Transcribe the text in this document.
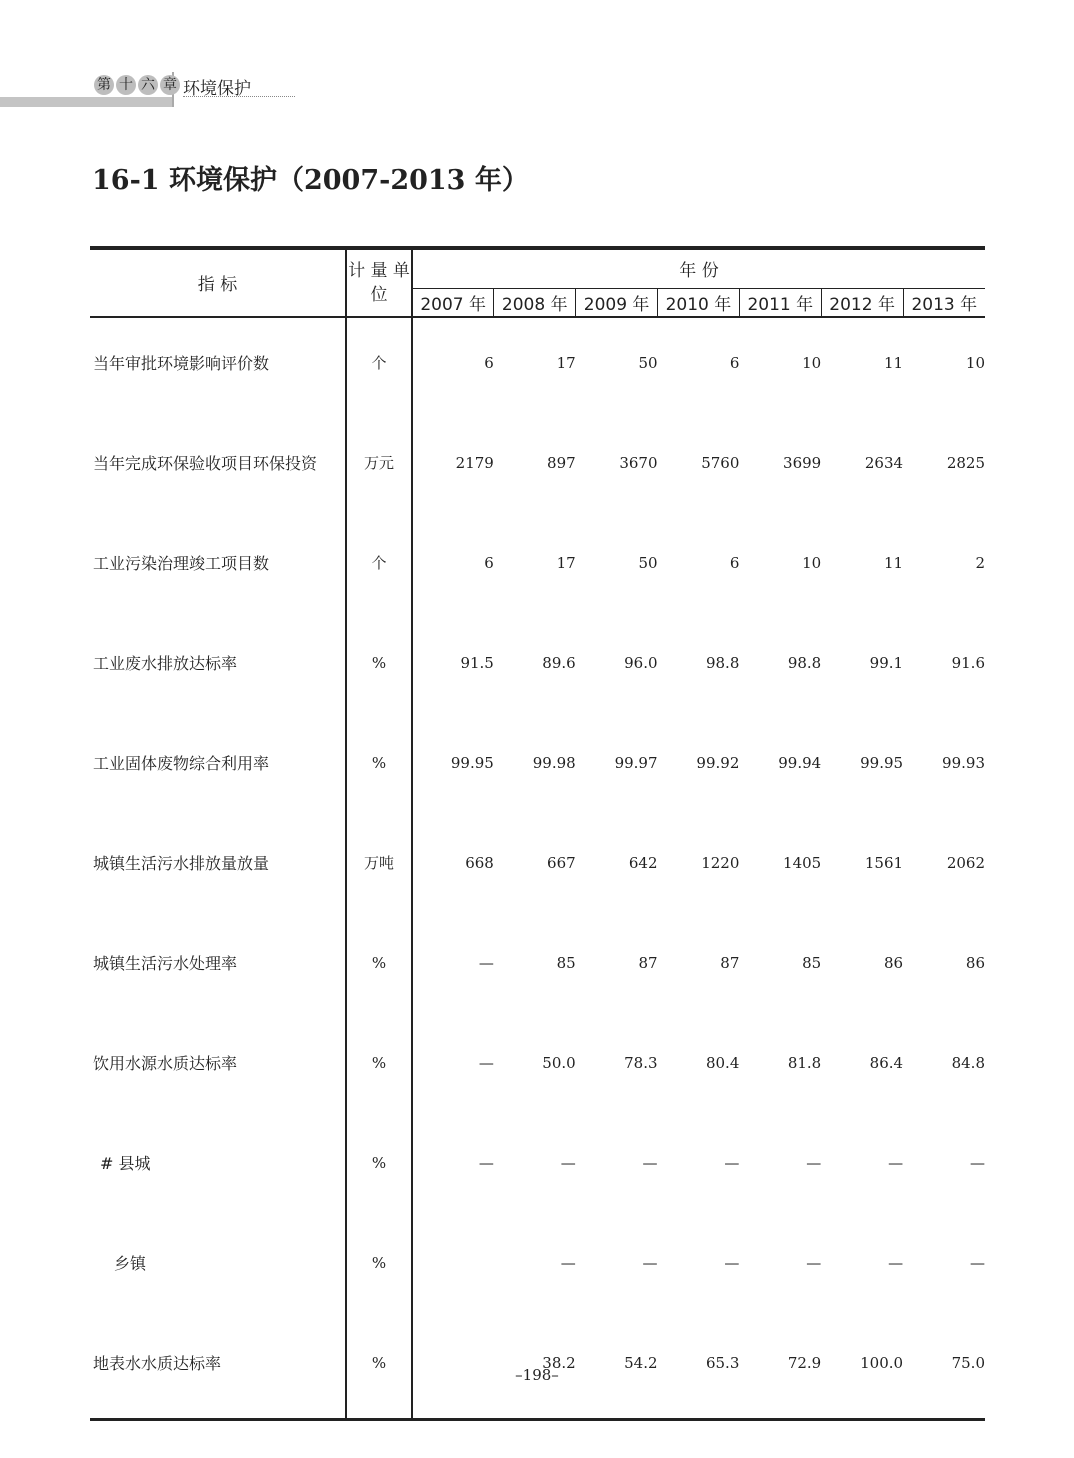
第 十 六 章 环境保护
16-1 环境保护（2007-2013 年）
指 标	计 量 单 位	年 份						
		2007 年	2008 年	2009 年	2010 年	2011 年	2012 年	2013 年
当年审批环境影响评价数	个	6	17	50	6	10	11	10
当年完成环保验收项目环保投资	万元	2179	897	3670	5760	3699	2634	2825
工业污染治理竣工项目数	个	6	17	50	6	10	11	2
工业废水排放达标率	%	91.5	89.6	96.0	98.8	98.8	99.1	91.6
工业固体废物综合利用率	%	99.95	99.98	99.97	99.92	99.94	99.95	99.93
城镇生活污水排放量放量	万吨	668	667	642	1220	1405	1561	2062
城镇生活污水处理率	%	—	85	87	87	85	86	86
饮用水源水质达标率	%	—	50.0	78.3	80.4	81.8	86.4	84.8
# 县城	%	—	—	—	—	—	—	—
乡镇	%		—	—	—	—	—	—
地表水水质达标率	%		38.2	54.2	65.3	72.9	100.0	75.0
–198–
